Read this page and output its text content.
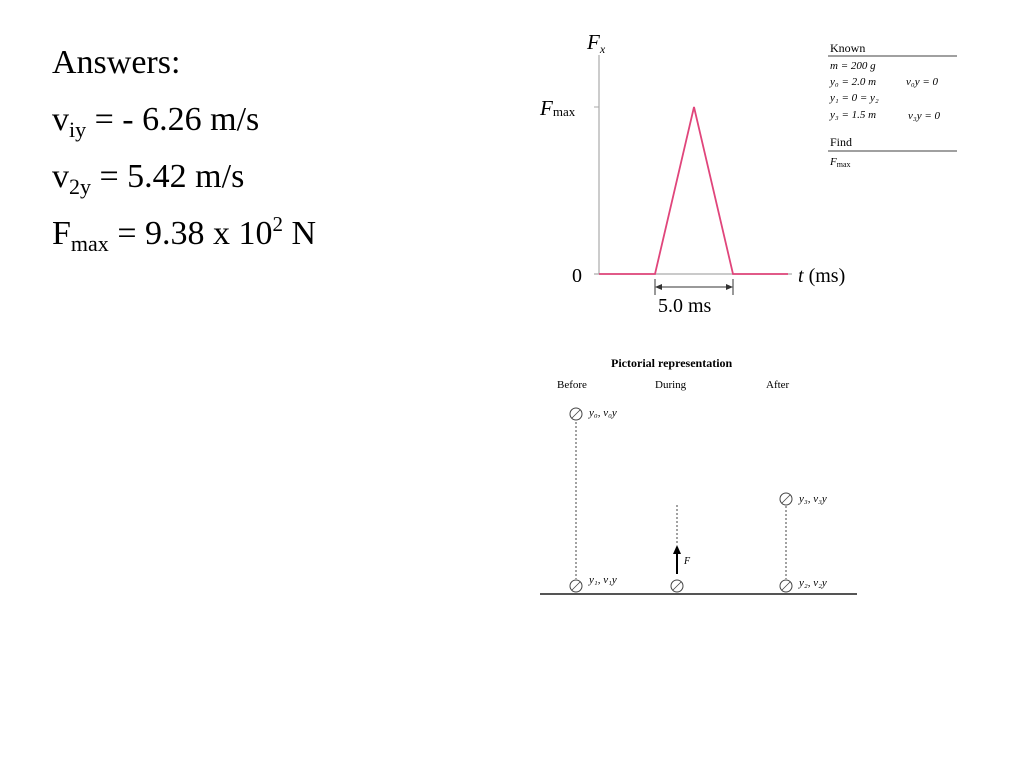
Answers:
$v_{iy}$ = - 6.26 m/s
$v_{2y} = 5.42$ m/s
$F_{max} = 9.38$ x $10^2$ N
Fx
Fmax
0	t (ms)
5.0 ms
Known
m = 200 g
y₀ = 2.0 m	v₀y = 0
y₁ = 0 = y₂
y₃ = 1.5 m	v₃y = 0
Find
Fmax
Pictorial representation
Before	During	After
y₀, v₀y
y₁, v₁y
F⃗
y₃, v₃y
y₂, v₂y
